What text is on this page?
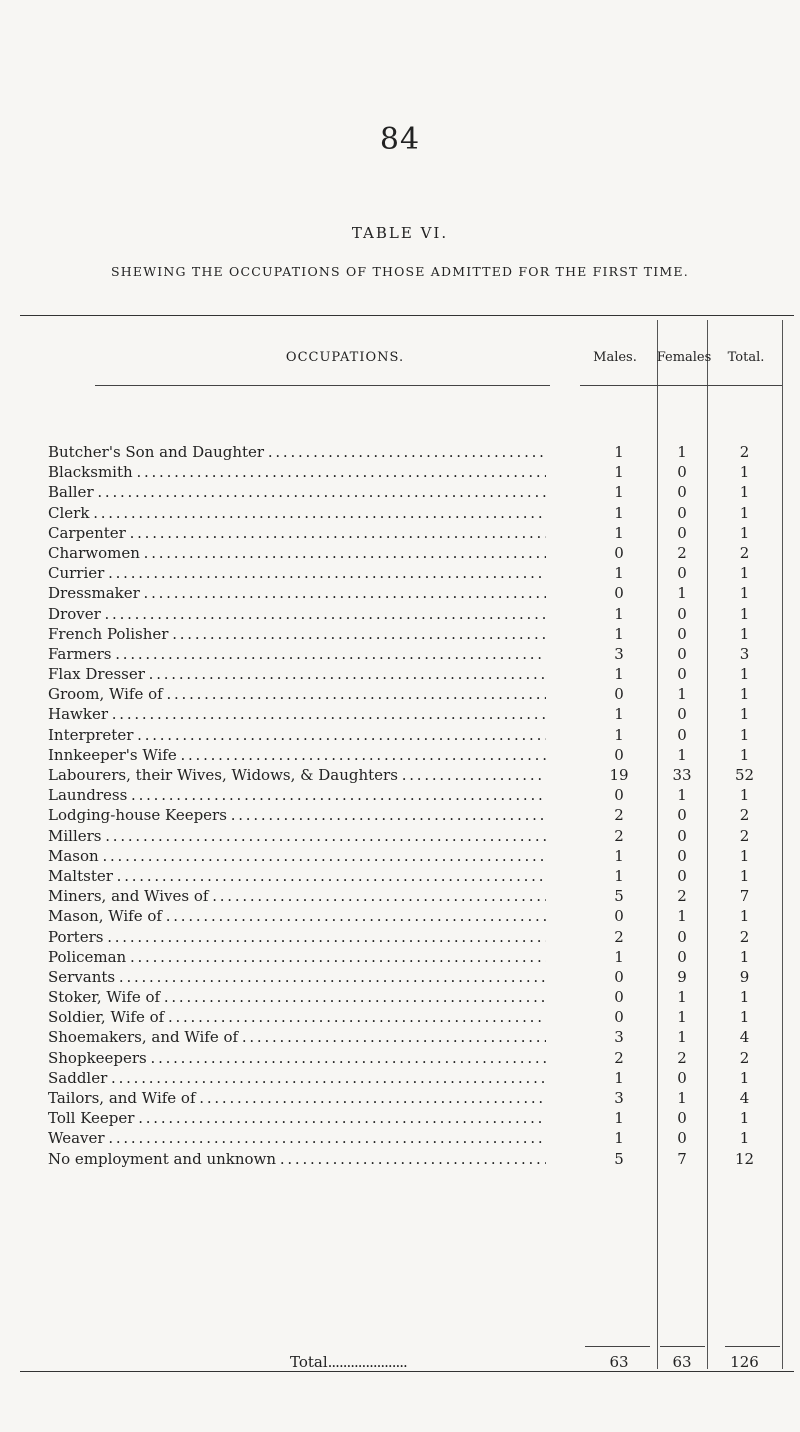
84
TABLE VI.
SHEWING THE OCCUPATIONS OF THOSE ADMITTED FOR THE FIRST TIME.
OCCUPATIONS.	Males.	Females	Total.
Butcher's Son and Daughter . . .	1	1	2
Blacksmith . . .	1	0	1
Baller . . .	1	0	1
Clerk . . .	1	0	1
Carpenter . . .	1	0	1
Charwomen . . .	0	2	2
Currier . . .	1	0	1
Dressmaker . . .	0	1	1
Drover . . .	1	0	1
French Polisher . . .	1	0	1
Farmers . . .	3	0	3
Flax Dresser . . .	1	0	1
Groom, Wife of . . .	0	1	1
Hawker . . .	1	0	1
Interpreter . . .	1	0	1
Innkeeper's Wife . . .	0	1	1
Labourers, their Wives, Widows, & Daughters . . .	19	33	52
Laundress . . .	0	1	1
Lodging-house Keepers . . .	2	0	2
Millers . . .	2	0	2
Mason . . .	1	0	1
Maltster . . .	1	0	1
Miners, and Wives of . . .	5	2	7
Mason, Wife of . . .	0	1	1
Porters . . .	2	0	2
Policeman . . .	1	0	1
Servants . . .	0	9	9
Stoker, Wife of . . .	0	1	1
Soldier, Wife of . . .	0	1	1
Shoemakers, and Wife of . . .	3	1	4
Shopkeepers . . .	2	2	2
Saddler . . .	1	0	1
Tailors, and Wife of . . .	3	1	4
Toll Keeper . . .	1	0	1
Weaver . . .	1	0	1
No employment and unknown . . .	5	7	12
Total .....	63	63	126
